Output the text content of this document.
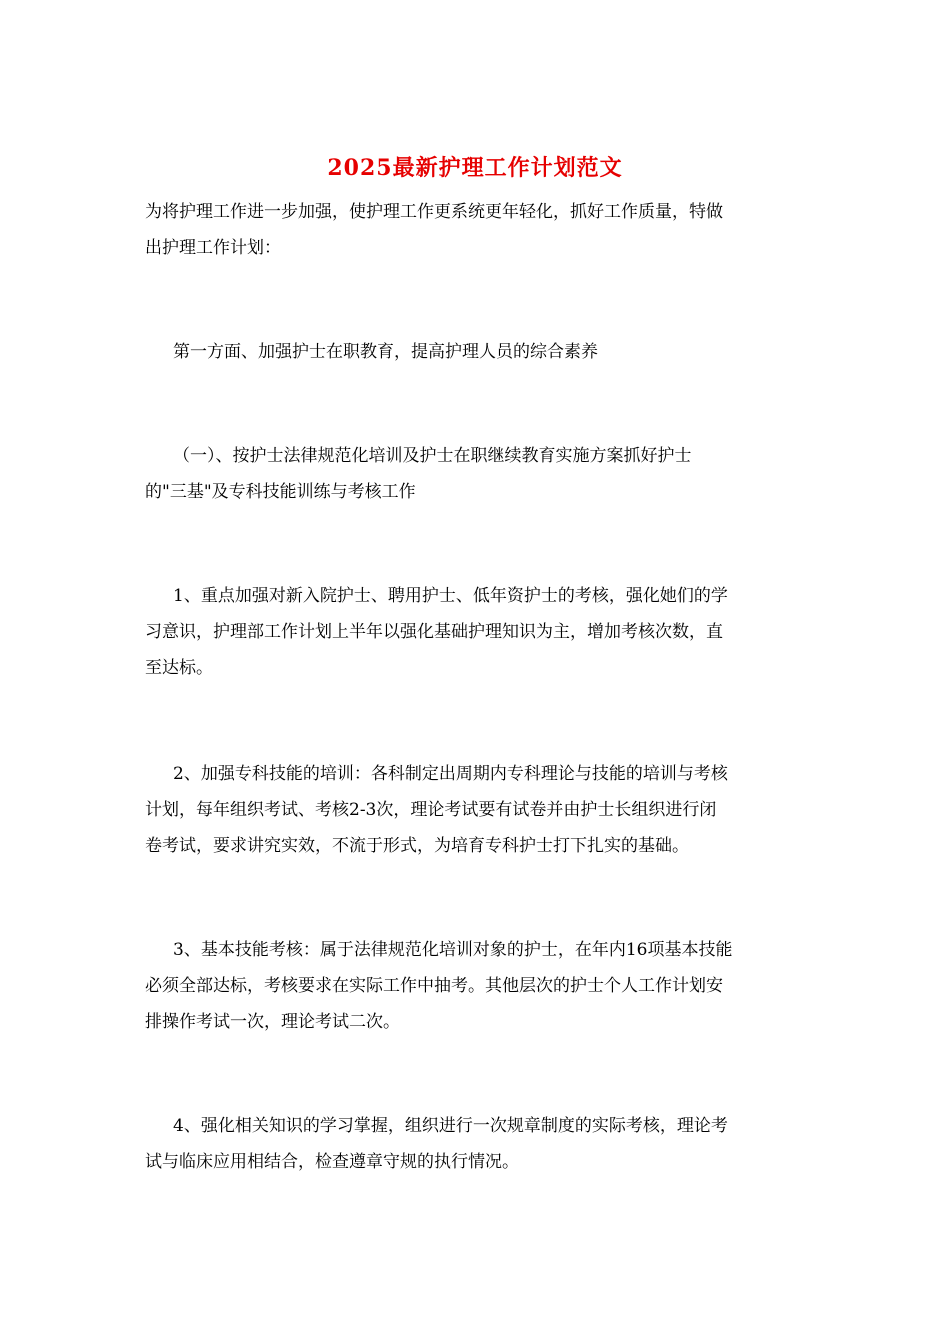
2025最新护理工作计划范文

为将护理工作进一步加强，使护理工作更系统更年轻化，抓好工作质量，特做
出护理工作计划：

第一方面、加强护士在职教育，提高护理人员的综合素养

（一）、按护士法律规范化培训及护士在职继续教育实施方案抓好护士
的"三基"及专科技能训练与考核工作

1、重点加强对新入院护士、聘用护士、低年资护士的考核，强化她们的学
习意识，护理部工作计划上半年以强化基础护理知识为主，增加考核次数，直
至达标。

2、加强专科技能的培训：各科制定出周期内专科理论与技能的培训与考核
计划，每年组织考试、考核2-3次，理论考试要有试卷并由护士长组织进行闭
卷考试，要求讲究实效，不流于形式，为培育专科护士打下扎实的基础。

3、基本技能考核：属于法律规范化培训对象的护士，在年内16项基本技能
必须全部达标，考核要求在实际工作中抽考。其他层次的护士个人工作计划安
排操作考试一次，理论考试二次。

4、强化相关知识的学习掌握，组织进行一次规章制度的实际考核，理论考
试与临床应用相结合，检查遵章守规的执行情况。
